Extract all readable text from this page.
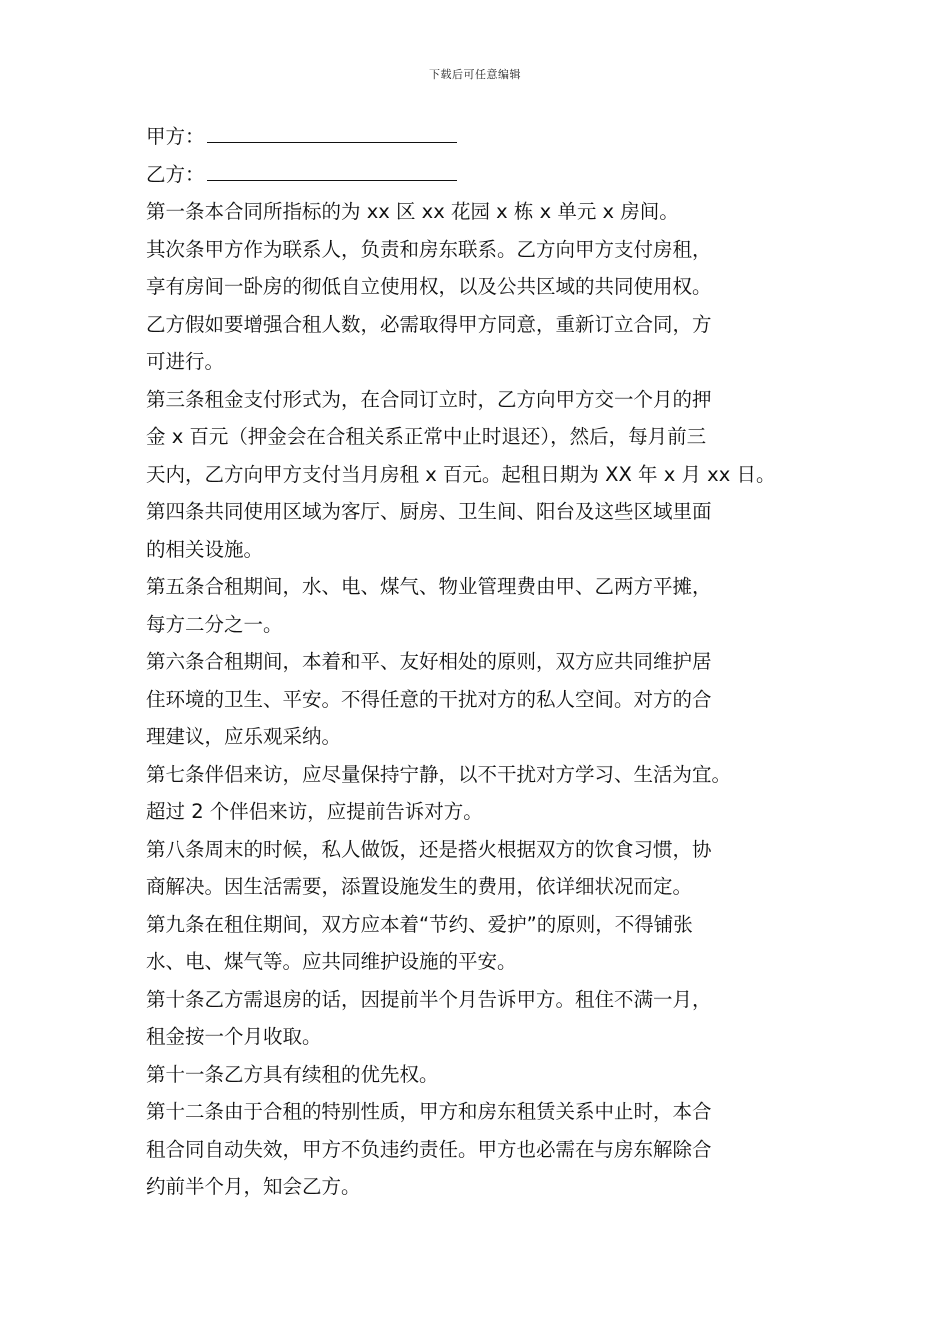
下载后可任意编辑
甲方：
乙方：
第一条本合同所指标的为 xx 区 xx 花园 x 栋 x 单元 x 房间。
其次条甲方作为联系人，负责和房东联系。乙方向甲方支付房租，
享有房间一卧房的彻低自立使用权，以及公共区域的共同使用权。
乙方假如要增强合租人数，必需取得甲方同意，重新订立合同，方
可进行。
第三条租金支付形式为，在合同订立时，乙方向甲方交一个月的押
金 x 百元（押金会在合租关系正常中止时退还），然后，每月前三
天内，乙方向甲方支付当月房租 x 百元。起租日期为 XX 年 x 月 xx 日。
第四条共同使用区域为客厅、厨房、卫生间、阳台及这些区域里面
的相关设施。
第五条合租期间，水、电、煤气、物业管理费由甲、乙两方平摊，
每方二分之一。
第六条合租期间，本着和平、友好相处的原则，双方应共同维护居
住环境的卫生、平安。不得任意的干扰对方的私人空间。对方的合
理建议，应乐观采纳。
第七条伴侣来访，应尽量保持宁静，以不干扰对方学习、生活为宜。
超过 2 个伴侣来访，应提前告诉对方。
第八条周末的时候，私人做饭，还是搭火根据双方的饮食习惯，协
商解决。因生活需要，添置设施发生的费用，依详细状况而定。
第九条在租住期间，双方应本着“节约、爱护”的原则，不得铺张
水、电、煤气等。应共同维护设施的平安。
第十条乙方需退房的话，因提前半个月告诉甲方。租住不满一月，
租金按一个月收取。
第十一条乙方具有续租的优先权。
第十二条由于合租的特别性质，甲方和房东租赁关系中止时，本合
租合同自动失效，甲方不负违约责任。甲方也必需在与房东解除合
约前半个月，知会乙方。
